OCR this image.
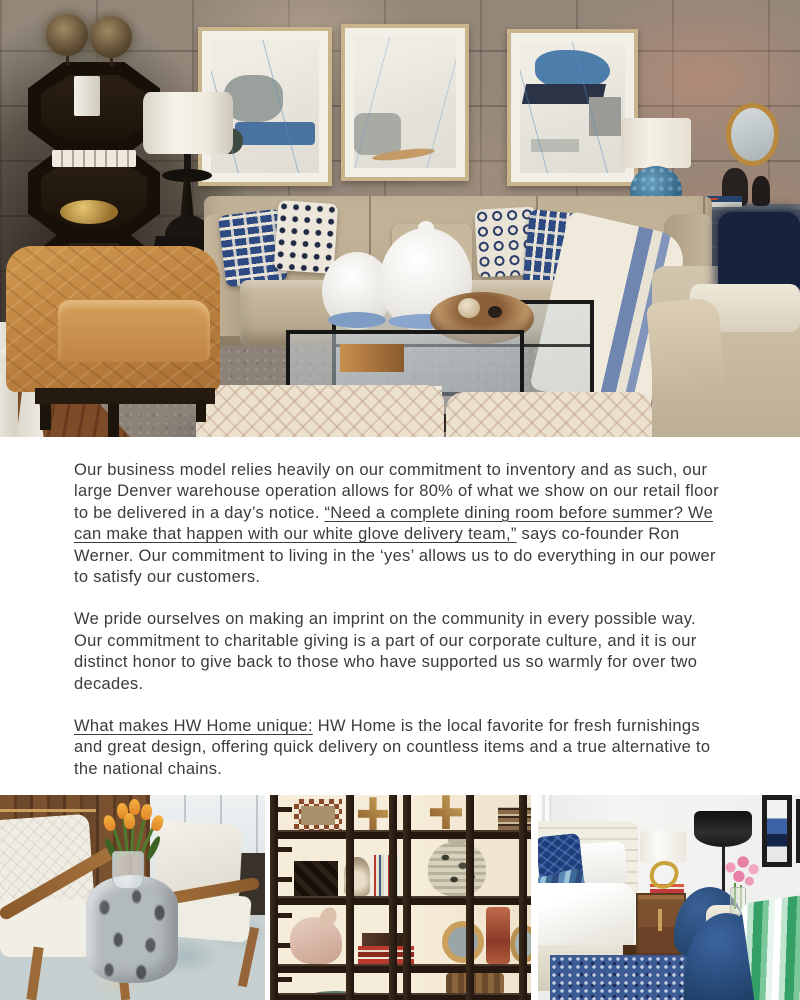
Our business model relies heavily on our commitment to inventory and as such, our large Denver warehouse operation allows for 80% of what we show on our retail floor to be delivered in a day’s notice. “Need a complete dining room before summer? We can make that happen with our white glove delivery team,” says co-founder Ron Werner. Our commitment to living in the ‘yes’ allows us to do everything in our power to satisfy our customers.

We pride ourselves on making an imprint on the community in every possible way. Our commitment to charitable giving is a part of our corporate culture, and it is our distinct honor to give back to those who have supported us so warmly for over two decades.

What makes HW Home unique: HW Home is the local favorite for fresh furnishings and great design, offering quick delivery on countless items and a true alternative to the national chains.
